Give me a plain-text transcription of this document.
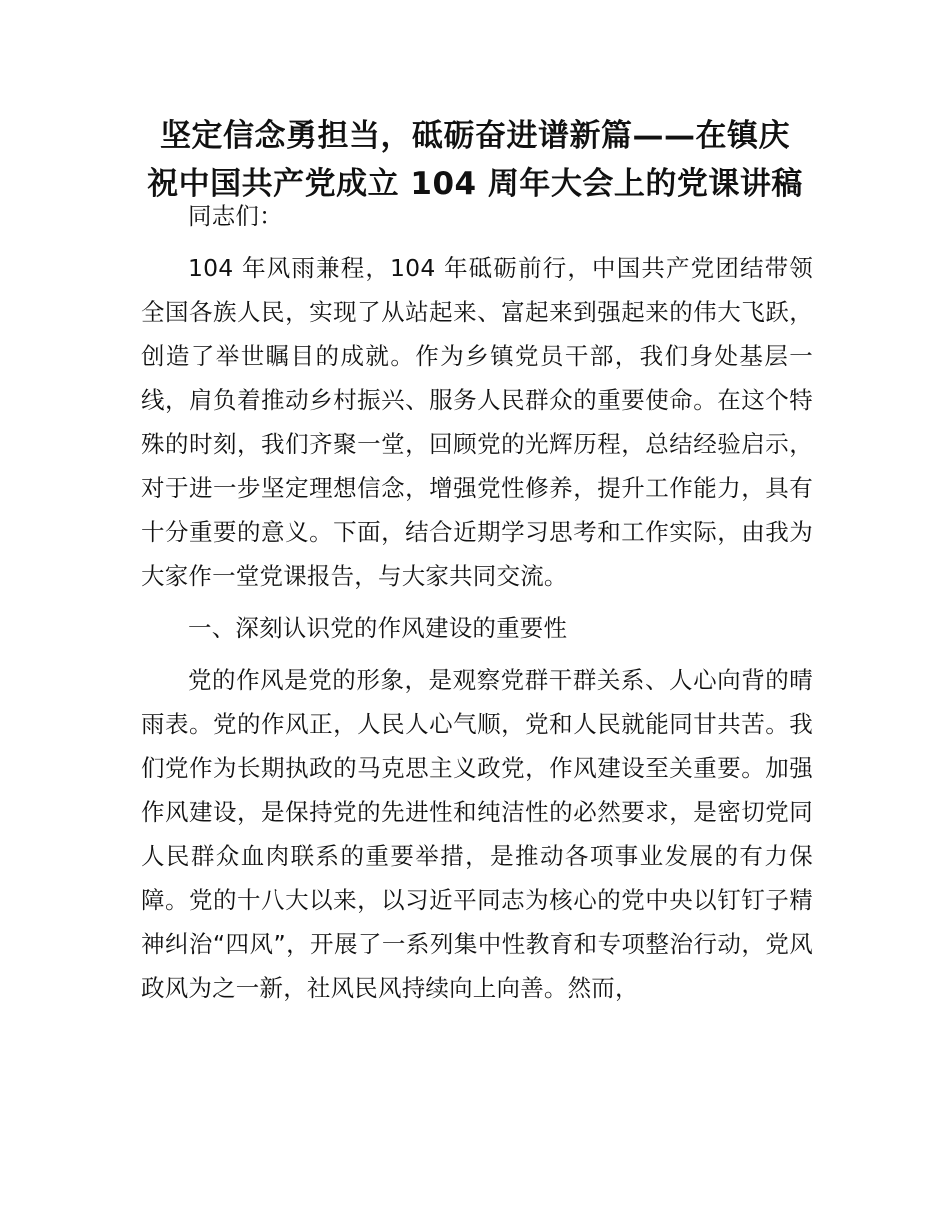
坚定信念勇担当，砥砺奋进谱新篇——在镇庆
祝中国共产党成立 104 周年大会上的党课讲稿

同志们：

104 年风雨兼程，104 年砥砺前行，中国共产党团结带领全国各族人民，实现了从站起来、富起来到强起来的伟大飞跃，创造了举世瞩目的成就。作为乡镇党员干部，我们身处基层一线，肩负着推动乡村振兴、服务人民群众的重要使命。在这个特殊的时刻，我们齐聚一堂，回顾党的光辉历程，总结经验启示，对于进一步坚定理想信念，增强党性修养，提升工作能力，具有十分重要的意义。下面，结合近期学习思考和工作实际，由我为大家作一堂党课报告，与大家共同交流。

一、深刻认识党的作风建设的重要性

党的作风是党的形象，是观察党群干群关系、人心向背的晴雨表。党的作风正，人民人心气顺，党和人民就能同甘共苦。我们党作为长期执政的马克思主义政党，作风建设至关重要。加强作风建设，是保持党的先进性和纯洁性的必然要求，是密切党同人民群众血肉联系的重要举措，是推动各项事业发展的有力保障。党的十八大以来，以习近平同志为核心的党中央以钉钉子精神纠治“四风”，开展了一系列集中性教育和专项整治行动，党风政风为之一新，社风民风持续向上向善。然而，
